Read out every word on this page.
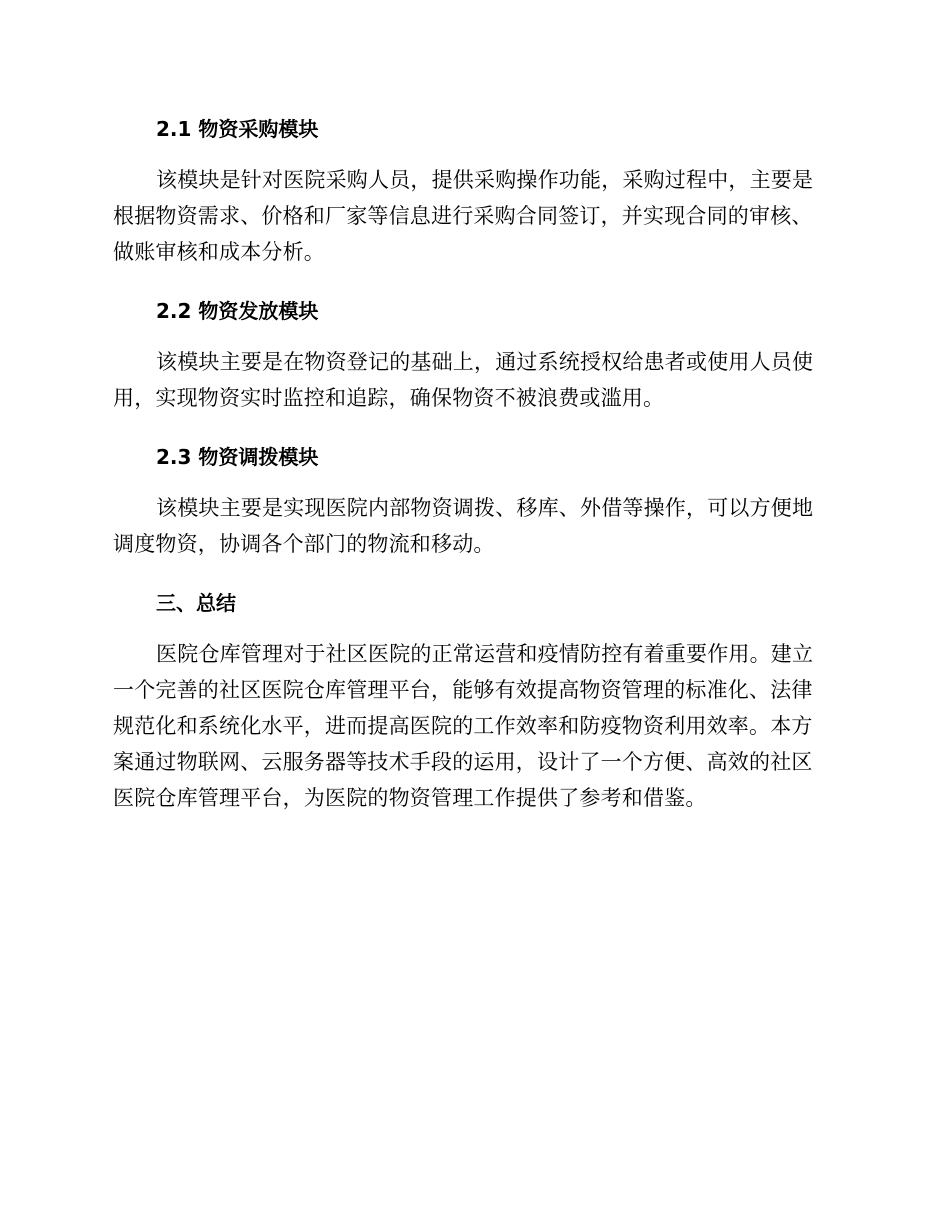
2.1 物资采购模块

该模块是针对医院采购人员，提供采购操作功能，采购过程中，主要是
根据物资需求、价格和厂家等信息进行采购合同签订，并实现合同的审核、
做账审核和成本分析。

2.2 物资发放模块

该模块主要是在物资登记的基础上，通过系统授权给患者或使用人员使
用，实现物资实时监控和追踪，确保物资不被浪费或滥用。

2.3 物资调拨模块

该模块主要是实现医院内部物资调拨、移库、外借等操作，可以方便地
调度物资，协调各个部门的物流和移动。

三、总结

医院仓库管理对于社区医院的正常运营和疫情防控有着重要作用。建立
一个完善的社区医院仓库管理平台，能够有效提高物资管理的标准化、法律
规范化和系统化水平，进而提高医院的工作效率和防疫物资利用效率。本方
案通过物联网、云服务器等技术手段的运用，设计了一个方便、高效的社区
医院仓库管理平台，为医院的物资管理工作提供了参考和借鉴。
